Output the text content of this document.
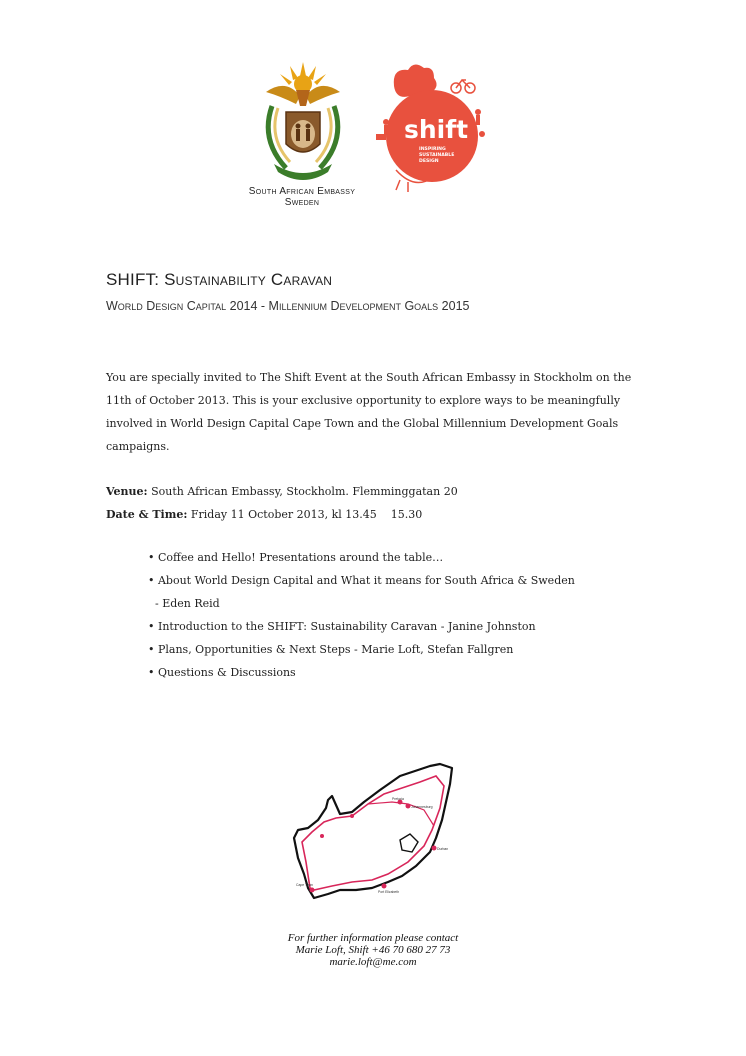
shift
INSPIRING
SUSTAINABLE
DESIGN
South African Embassy
Sweden
SHIFT: Sustainability Caravan
World Design Capital 2014 - Millennium Development Goals 2015
You are specially invited to The Shift Event at the South African Embassy in Stockholm on the 11th of October 2013. This is your exclusive opportunity to explore ways to be meaningfully involved in World Design Capital Cape Town and the Global Millennium Development Goals campaigns.
Venue: South African Embassy, Stockholm. Flemminggatan 20
Date & Time: Friday 11 October 2013, kl 13.45    15.30
• Coffee and Hello! Presentations around the table…
• About World Design Capital and What it means for South Africa & Sweden
- Eden Reid
• Introduction to the SHIFT: Sustainability Caravan - Janine Johnston
• Plans, Opportunities & Next Steps - Marie Loft, Stefan Fallgren
• Questions & Discussions
Pretoria
Johannesburg
Durban
Port Elizabeth
Cape Town
For further information please contact
Marie Loft, Shift +46 70 680 27 73
marie.loft@me.com
